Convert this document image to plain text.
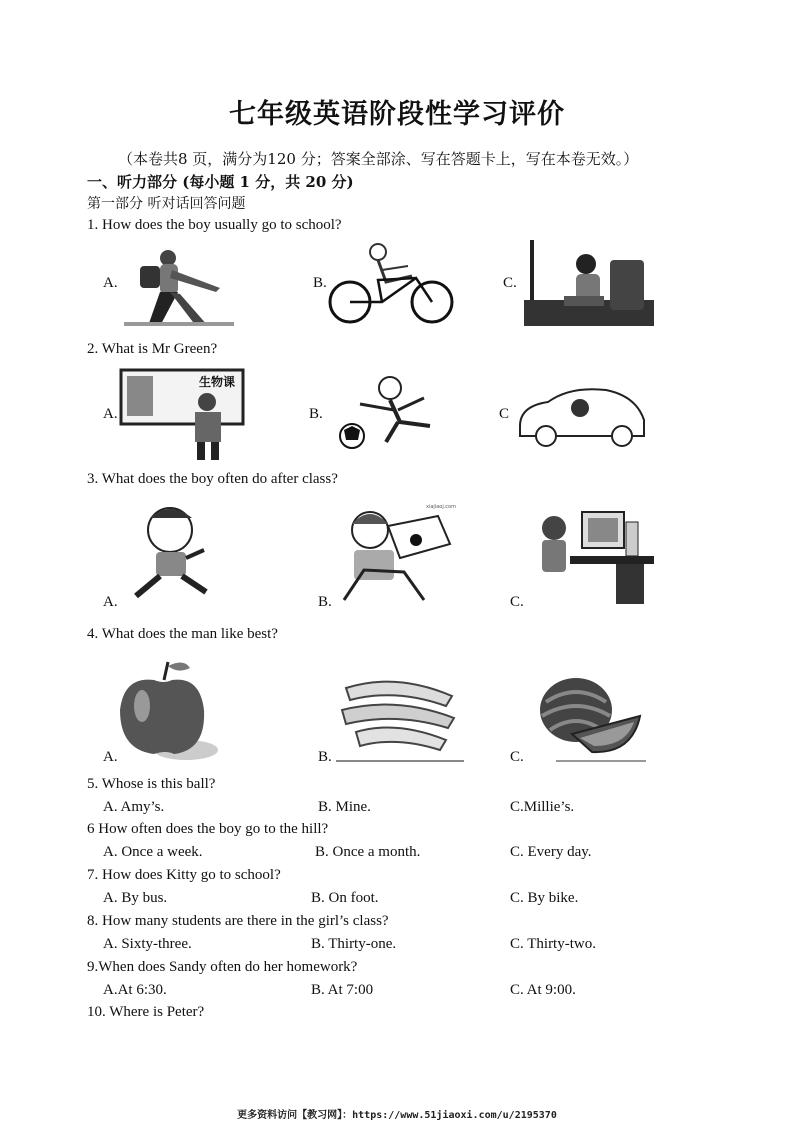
七年级英语阶段性学习评价
（本卷共8 页，满分为120 分；答案全部涂、写在答题卡上，写在本卷无效。）
一、听力部分 (每小题 1 分，共 20 分)
第一部分 听对话回答问题
1. How does the boy usually go to school?
A.	B.	C.
2. What is Mr Green?
A.	B.	C
生物课
3. What does the boy often do after class?
A.	B.	C.
xiajiaoj.com
4. What does the man like best?
A.	B.	C.
5. Whose is this ball?
A. Amy’s.	B. Mine.	C.Millie’s.
6 How often does the boy go to the hill?
A. Once a week.	B. Once a month.	C. Every day.
7. How does Kitty go to school?
A. By bus.	B. On foot.	C. By bike.
8. How many students are there in the girl’s class?
A. Sixty-three.	B. Thirty-one.	C. Thirty-two.
9.When does Sandy often do her homework?
A.At 6:30.	B. At 7:00	C. At 9:00.
10. Where is Peter?
更多资料访问【教习网】：https://www.51jiaoxi.com/u/2195370
